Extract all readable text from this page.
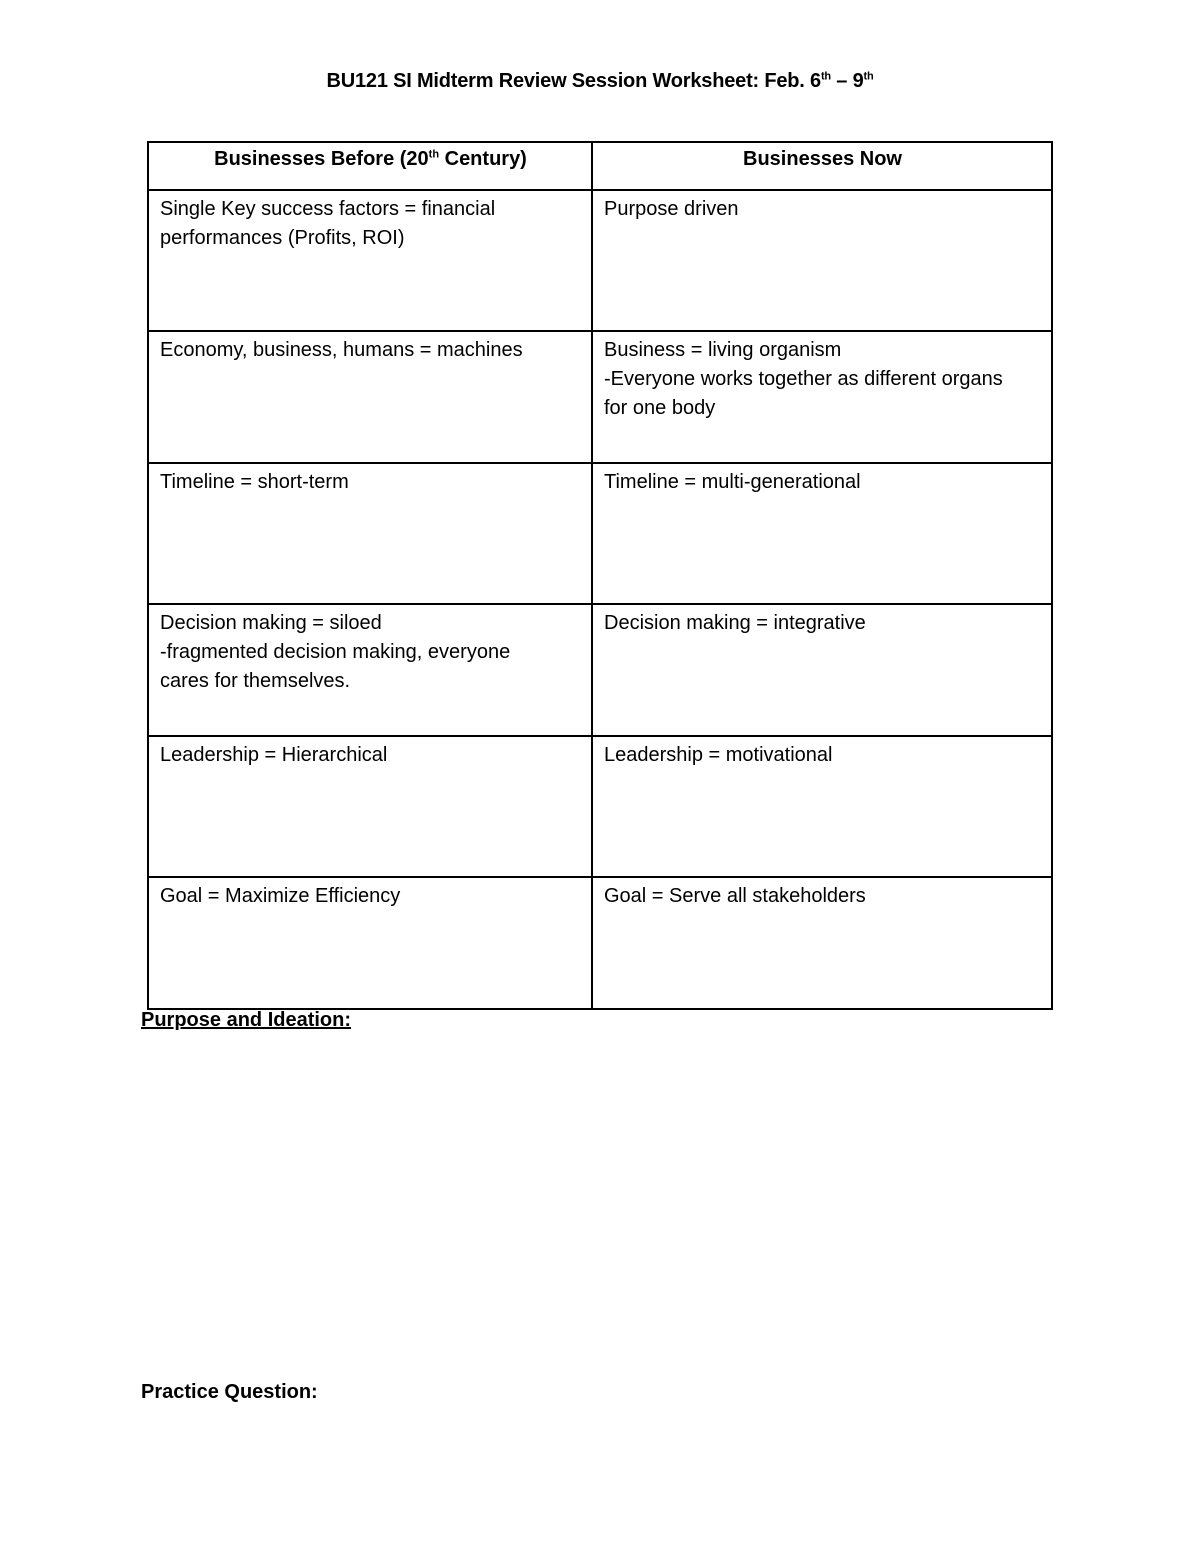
BU121 SI Midterm Review Session Worksheet: Feb. 6th – 9th
Businesses Before (20th Century)	Businesses Now

Single Key success factors = financial
performances (Profits, ROI)	Purpose driven

Economy, business, humans = machines	Business = living organism
-Everyone works together as different organs
for one body

Timeline = short-term	Timeline = multi-generational

Decision making = siloed
-fragmented decision making, everyone
cares for themselves.	Decision making = integrative

Leadership = Hierarchical	Leadership = motivational

Goal = Maximize Efficiency	Goal = Serve all stakeholders
Purpose and Ideation:
Practice Question:
